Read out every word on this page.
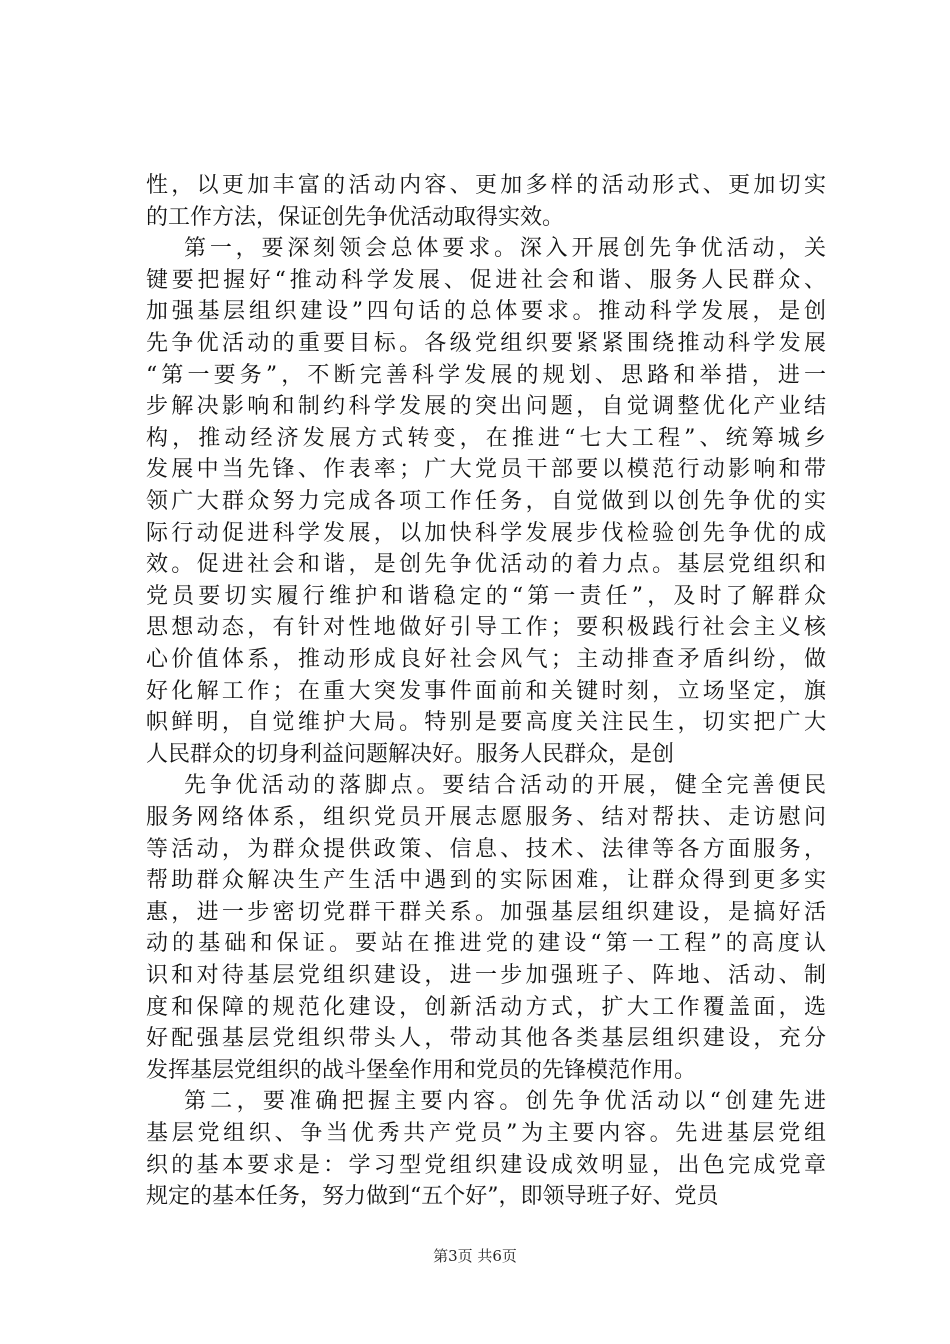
性，以更加丰富的活动内容、更加多样的活动形式、更加切实
的工作方法，保证创先争优活动取得实效。
第一，要深刻领会总体要求。深入开展创先争优活动，关
键要把握好“推动科学发展、促进社会和谐、服务人民群众、
加强基层组织建设”四句话的总体要求。推动科学发展，是创
先争优活动的重要目标。各级党组织要紧紧围绕推动科学发展
“第一要务”，不断完善科学发展的规划、思路和举措，进一
步解决影响和制约科学发展的突出问题，自觉调整优化产业结
构，推动经济发展方式转变，在推进“七大工程”、统筹城乡
发展中当先锋、作表率；广大党员干部要以模范行动影响和带
领广大群众努力完成各项工作任务，自觉做到以创先争优的实
际行动促进科学发展，以加快科学发展步伐检验创先争优的成
效。促进社会和谐，是创先争优活动的着力点。基层党组织和
党员要切实履行维护和谐稳定的“第一责任”，及时了解群众
思想动态，有针对性地做好引导工作；要积极践行社会主义核
心价值体系，推动形成良好社会风气；主动排查矛盾纠纷，做
好化解工作；在重大突发事件面前和关键时刻，立场坚定，旗
帜鲜明，自觉维护大局。特别是要高度关注民生，切实把广大
人民群众的切身利益问题解决好。服务人民群众，是创
先争优活动的落脚点。要结合活动的开展，健全完善便民
服务网络体系，组织党员开展志愿服务、结对帮扶、走访慰问
等活动，为群众提供政策、信息、技术、法律等各方面服务，
帮助群众解决生产生活中遇到的实际困难，让群众得到更多实
惠，进一步密切党群干群关系。加强基层组织建设，是搞好活
动的基础和保证。要站在推进党的建设“第一工程”的高度认
识和对待基层党组织建设，进一步加强班子、阵地、活动、制
度和保障的规范化建设，创新活动方式，扩大工作覆盖面，选
好配强基层党组织带头人，带动其他各类基层组织建设，充分
发挥基层党组织的战斗堡垒作用和党员的先锋模范作用。
第二，要准确把握主要内容。创先争优活动以“创建先进
基层党组织、争当优秀共产党员”为主要内容。先进基层党组
织的基本要求是：学习型党组织建设成效明显，出色完成党章
规定的基本任务，努力做到“五个好”，即领导班子好、党员
第3页 共6页
